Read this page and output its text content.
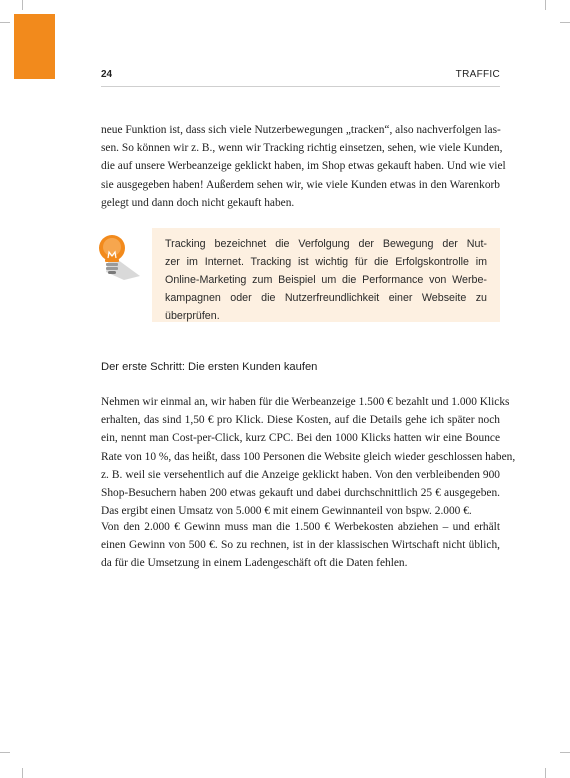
24	TRAFFIC

neue Funktion ist, dass sich viele Nutzerbewegungen „tracken“, also nachverfolgen las-
sen. So können wir z. B., wenn wir Tracking richtig einsetzen, sehen, wie viele Kunden,
die auf unsere Werbeanzeige geklickt haben, im Shop etwas gekauft haben. Und wie viel
sie ausgegeben haben! Außerdem sehen wir, wie viele Kunden etwas in den Warenkorb
gelegt und dann doch nicht gekauft haben.

Tracking bezeichnet die Verfolgung der Bewegung der Nut-
zer im Internet. Tracking ist wichtig für die Erfolgskontrolle im
Online-Marketing zum Beispiel um die Performance von Werbe-
kampagnen oder die Nutzerfreundlichkeit einer Webseite zu
überprüfen.
Der erste Schritt: Die ersten Kunden kaufen

Nehmen wir einmal an, wir haben für die Werbeanzeige 1.500 € bezahlt und 1.000 Klicks
erhalten, das sind 1,50 € pro Klick. Diese Kosten, auf die Details gehe ich später noch
ein, nennt man Cost-per-Click, kurz CPC. Bei den 1000 Klicks hatten wir eine Bounce
Rate von 10 %, das heißt, dass 100 Personen die Website gleich wieder geschlossen haben,
z. B. weil sie versehentlich auf die Anzeige geklickt haben. Von den verbleibenden 900
Shop-Besuchern haben 200 etwas gekauft und dabei durchschnittlich 25 € ausgegeben.
Das ergibt einen Umsatz von 5.000 € mit einem Gewinnanteil von bspw. 2.000 €.

Von den 2.000 € Gewinn muss man die 1.500 € Werbekosten abziehen – und erhält
einen Gewinn von 500 €. So zu rechnen, ist in der klassischen Wirtschaft nicht üblich,
da für die Umsetzung in einem Ladengeschäft oft die Daten fehlen.
